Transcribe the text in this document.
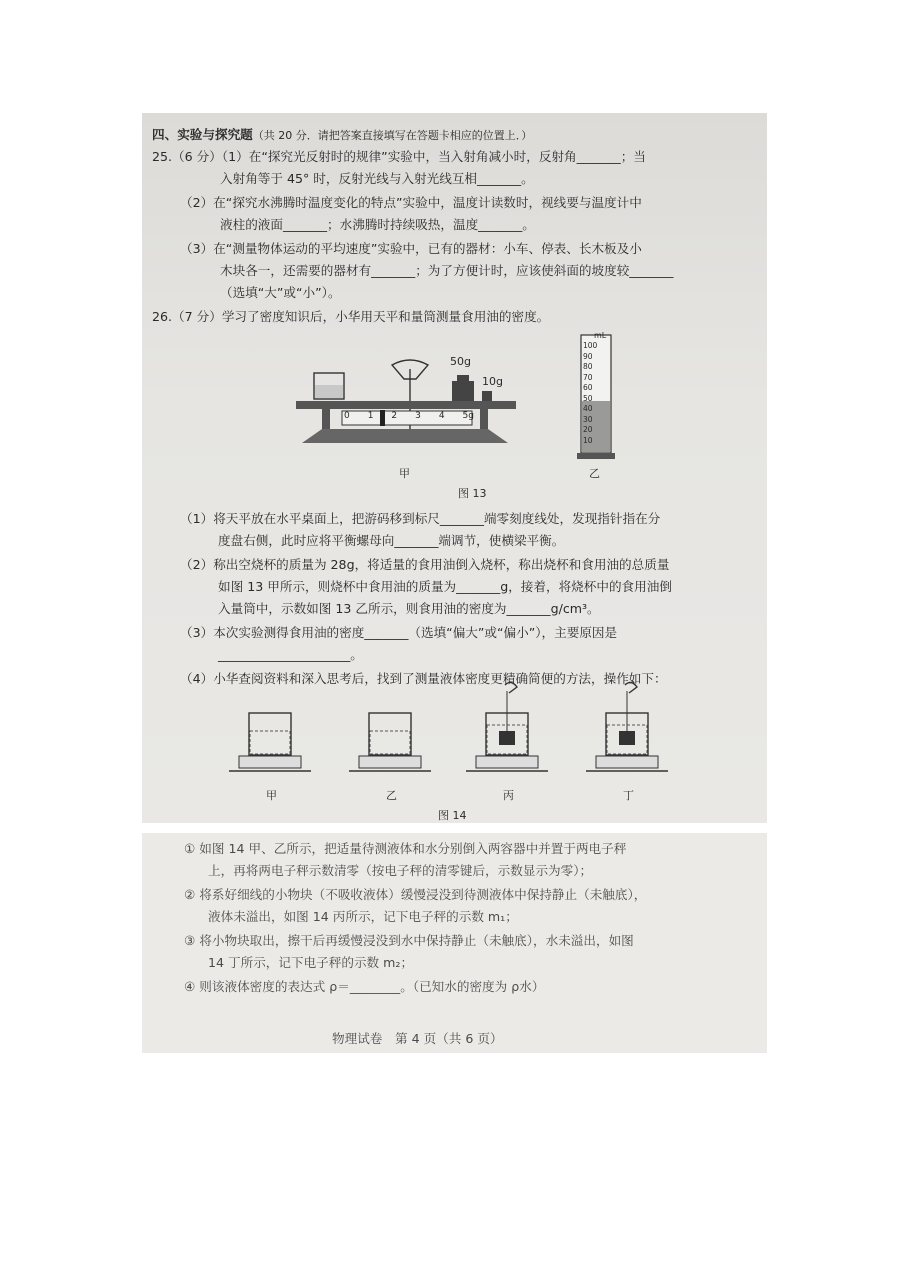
四、实验与探究题（共 20 分．请把答案直接填写在答题卡相应的位置上．）
25.（6 分）（1）在“探究光反射时的规律”实验中，当入射角减小时，反射角_______；当
入射角等于 45° 时，反射光线与入射光线互相_______。
（2）在“探究水沸腾时温度变化的特点”实验中，温度计读数时，视线要与温度计中
液柱的液面_______；水沸腾时持续吸热，温度_______。
（3）在“测量物体运动的平均速度”实验中，已有的器材：小车、停表、长木板及小
木块各一，还需要的器材有_______；为了方便计时，应该使斜面的坡度较_______
（选填“大”或“小”）。
26.（7 分）学习了密度知识后，小华用天平和量筒测量食用油的密度。
50g
10g
0 1 2 3 4 5g
甲
mL
100
90
80
70
60
50
40
30
20
10
乙
图 13
（1）将天平放在水平桌面上，把游码移到标尺_______端零刻度线处，发现指针指在分
度盘右侧，此时应将平衡螺母向_______端调节，使横梁平衡。
（2）称出空烧杯的质量为 28g，将适量的食用油倒入烧杯，称出烧杯和食用油的总质量
如图 13 甲所示，则烧杯中食用油的质量为_______g，接着，将烧杯中的食用油倒
入量筒中，示数如图 13 乙所示，则食用油的密度为_______g/cm³。
（3）本次实验测得食用油的密度_______（选填“偏大”或“偏小”），主要原因是
_____________________。
（4）小华查阅资料和深入思考后，找到了测量液体密度更精确简便的方法，操作如下：
甲	乙	丙	丁
图 14
① 如图 14 甲、乙所示，把适量待测液体和水分别倒入两容器中并置于两电子秤
上，再将两电子秤示数清零（按电子秤的清零键后，示数显示为零）；
② 将系好细线的小物块（不吸收液体）缓慢浸没到待测液体中保持静止（未触底），
液体未溢出，如图 14 丙所示，记下电子秤的示数 m₁；
③ 将小物块取出，擦干后再缓慢浸没到水中保持静止（未触底），水未溢出，如图
14 丁所示，记下电子秤的示数 m₂；
④ 则该液体密度的表达式 ρ＝________。（已知水的密度为 ρ水）
物理试卷　第 4 页（共 6 页）
